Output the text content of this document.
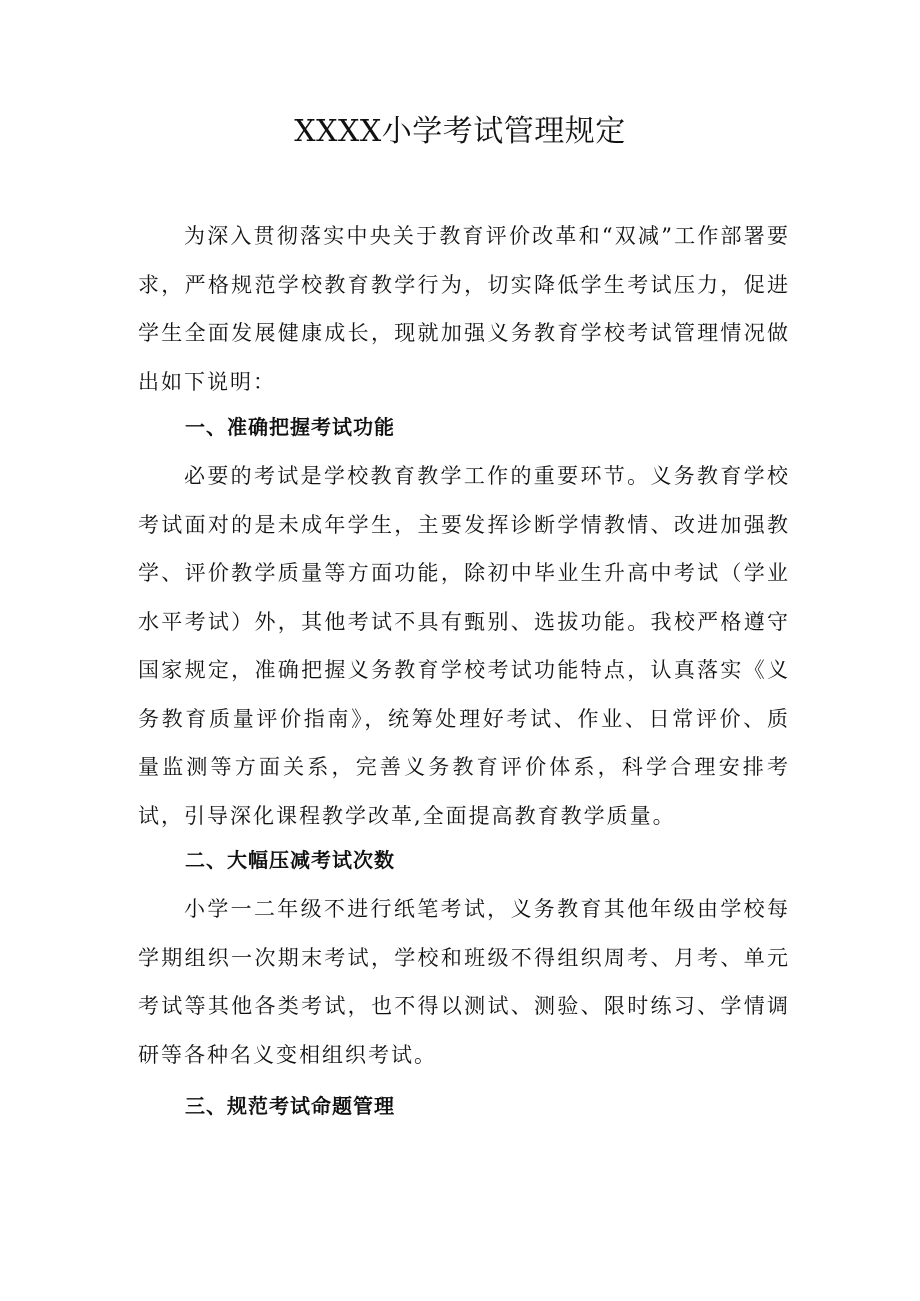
XXXX小学考试管理规定

为深入贯彻落实中央关于教育评价改革和“双减”工作部署要求，严格规范学校教育教学行为，切实降低学生考试压力，促进学生全面发展健康成长，现就加强义务教育学校考试管理情况做出如下说明：

一、准确把握考试功能

必要的考试是学校教育教学工作的重要环节。义务教育学校考试面对的是未成年学生，主要发挥诊断学情教情、改进加强教学、评价教学质量等方面功能，除初中毕业生升高中考试（学业水平考试）外，其他考试不具有甄别、选拔功能。我校严格遵守国家规定，准确把握义务教育学校考试功能特点，认真落实《义务教育质量评价指南》，统筹处理好考试、作业、日常评价、质量监测等方面关系，完善义务教育评价体系，科学合理安排考试，引导深化课程教学改革,全面提高教育教学质量。

二、大幅压减考试次数

小学一二年级不进行纸笔考试，义务教育其他年级由学校每学期组织一次期末考试，学校和班级不得组织周考、月考、单元考试等其他各类考试，也不得以测试、测验、限时练习、学情调研等各种名义变相组织考试。

三、规范考试命题管理
